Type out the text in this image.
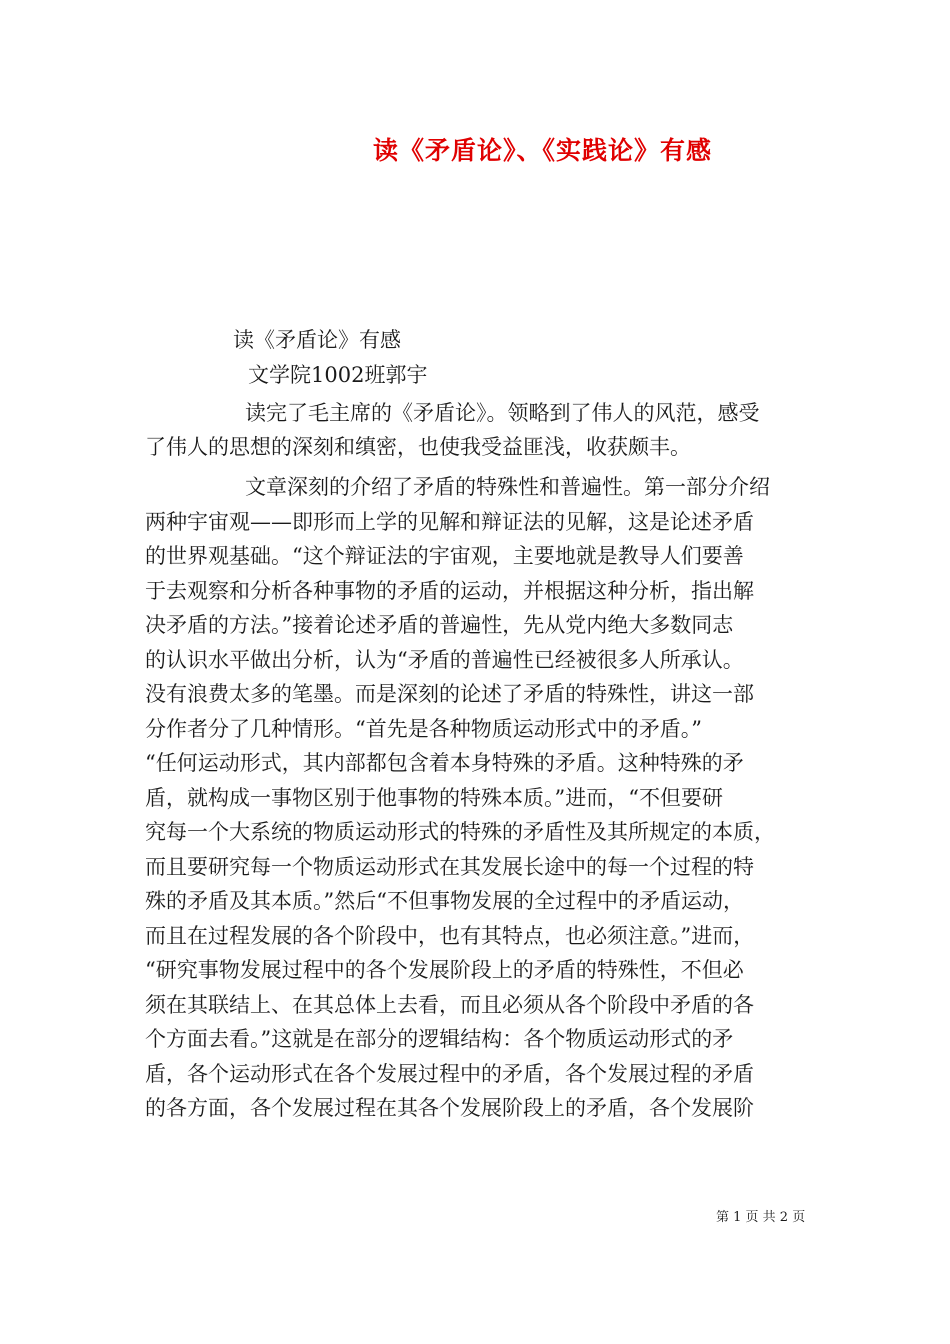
读《矛盾论》、《实践论》有感
读《矛盾论》有感
文学院1002班郭宇
读完了毛主席的《矛盾论》。领略到了伟人的风范，感受
了伟人的思想的深刻和缜密，也使我受益匪浅，收获颇丰。
文章深刻的介绍了矛盾的特殊性和普遍性。第一部分介绍
两种宇宙观——即形而上学的见解和辩证法的见解，这是论述矛盾
的世界观基础。“这个辩证法的宇宙观，主要地就是教导人们要善
于去观察和分析各种事物的矛盾的运动，并根据这种分析，指出解
决矛盾的方法。”接着论述矛盾的普遍性，先从党内绝大多数同志
的认识水平做出分析，认为“矛盾的普遍性已经被很多人所承认。
没有浪费太多的笔墨。而是深刻的论述了矛盾的特殊性，讲这一部
分作者分了几种情形。“首先是各种物质运动形式中的矛盾。”
“任何运动形式，其内部都包含着本身特殊的矛盾。这种特殊的矛
盾，就构成一事物区别于他事物的特殊本质。”进而，“不但要研
究每一个大系统的物质运动形式的特殊的矛盾性及其所规定的本质，
而且要研究每一个物质运动形式在其发展长途中的每一个过程的特
殊的矛盾及其本质。”然后“不但事物发展的全过程中的矛盾运动，
而且在过程发展的各个阶段中，也有其特点，也必须注意。”进而，
“研究事物发展过程中的各个发展阶段上的矛盾的特殊性，不但必
须在其联结上、在其总体上去看，而且必须从各个阶段中矛盾的各
个方面去看。”这就是在部分的逻辑结构：各个物质运动形式的矛
盾，各个运动形式在各个发展过程中的矛盾，各个发展过程的矛盾
的各方面，各个发展过程在其各个发展阶段上的矛盾，各个发展阶
第 1 页 共 2 页
